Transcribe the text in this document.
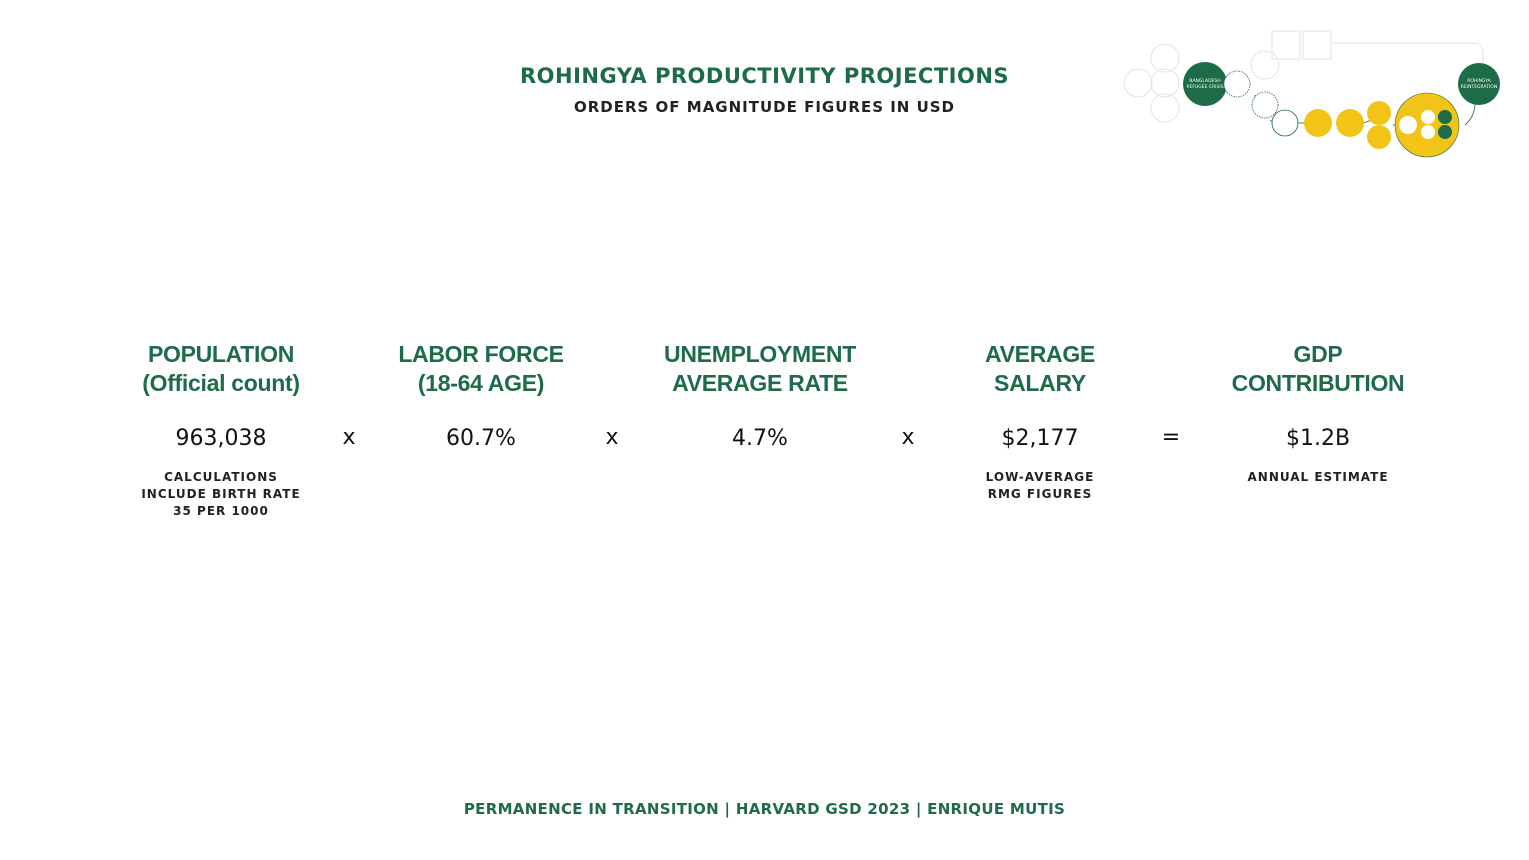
ROHINGYA PRODUCTIVITY PROJECTIONS
ORDERS OF MAGNITUDE FIGURES IN USD
BANGLADESH
REFUGEE CRISIS
ROHINGYA
REINTEGRATION
POPULATION
(Official count)
963,038
CALCULATIONS
INCLUDE BIRTH RATE
35 PER 1000
x
LABOR FORCE
(18-64 AGE)
60.7%	x
UNEMPLOYMENT
AVERAGE RATE
4.7%	x
AVERAGE
SALARY
$2,177
LOW-AVERAGE
RMG FIGURES
=
GDP
CONTRIBUTION
$1.2B
ANNUAL ESTIMATE
PERMANENCE IN TRANSITION | HARVARD GSD 2023 | ENRIQUE MUTIS
